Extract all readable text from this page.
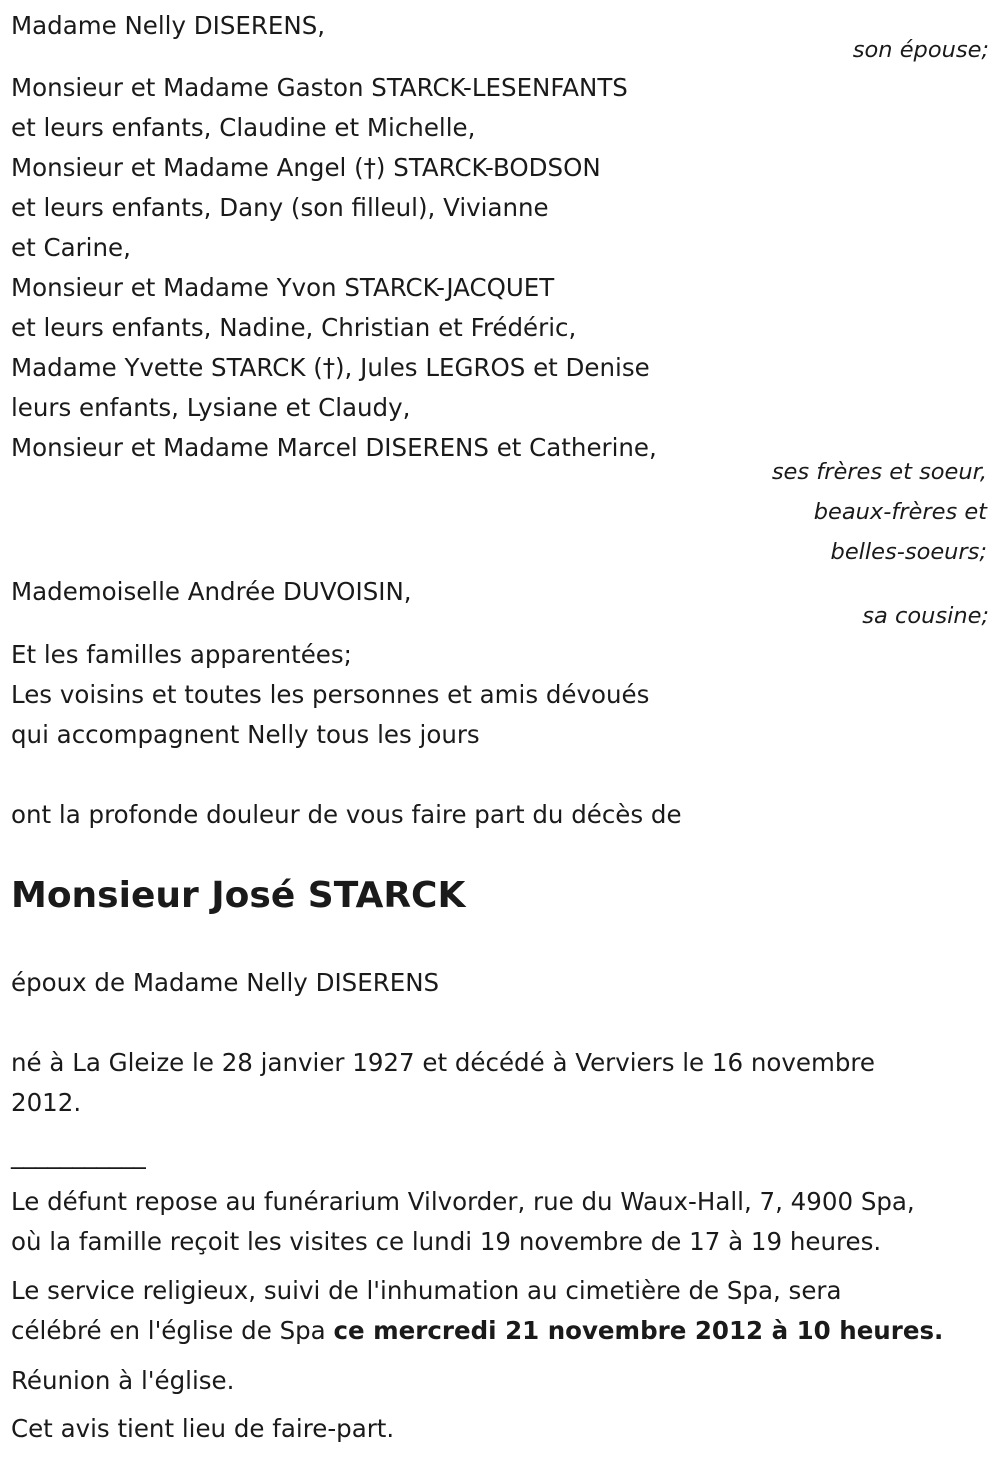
Madame Nelly DISERENS,
son épouse;
Monsieur et Madame Gaston STARCK-LESENFANTS
et leurs enfants, Claudine et Michelle,
Monsieur et Madame Angel (†) STARCK-BODSON
et leurs enfants, Dany (son filleul), Vivianne
et Carine,
Monsieur et Madame Yvon STARCK-JACQUET
et leurs enfants, Nadine, Christian et Frédéric,
Madame Yvette STARCK (†), Jules LEGROS et Denise
leurs enfants, Lysiane et Claudy,
Monsieur et Madame Marcel DISERENS et Catherine,
ses frères et soeur,
beaux-frères et
belles-soeurs;
Mademoiselle Andrée DUVOISIN,
sa cousine;
Et les familles apparentées;
Les voisins et toutes les personnes et amis dévoués
qui accompagnent Nelly tous les jours
ont la profonde douleur de vous faire part du décès de
Monsieur José STARCK
époux de Madame Nelly DISERENS
né à La Gleize le 28 janvier 1927 et décédé à Verviers le 16 novembre
2012.
___________
Le défunt repose au funérarium Vilvorder, rue du Waux-Hall, 7, 4900 Spa,
où la famille reçoit les visites ce lundi 19 novembre de 17 à 19 heures.
Le service religieux, suivi de l'inhumation au cimetière de Spa, sera
célébré en l'église de Spa ce mercredi 21 novembre 2012 à 10 heures.
Réunion à l'église.
Cet avis tient lieu de faire-part.
